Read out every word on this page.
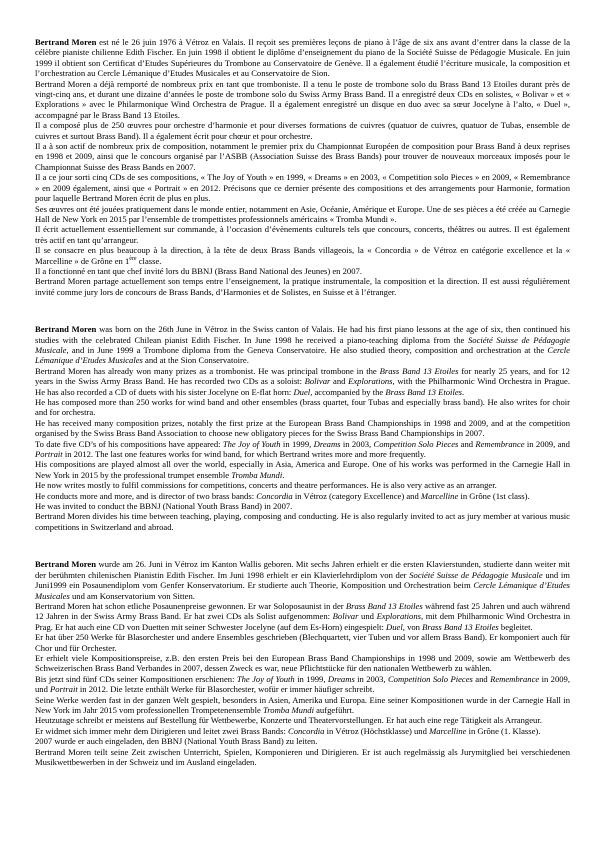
Bertrand Moren est né le 26 juin 1976 à Vétroz en Valais. Il reçoit ses premières leçons de piano à l’âge de six ans avant d’entrer dans la classe de la célèbre pianiste chilienne Edith Fischer. En juin 1998 il obtient le diplôme d’enseignement du piano de la Société Suisse de Pédagogie Musicale. En juin 1999 il obtient son Certificat d’Etudes Supérieures du Trombone au Conservatoire de Genève. Il a également étudié l’écriture musicale, la composition et l’orchestration au Cercle Lémanique d’Etudes Musicales et au Conservatoire de Sion.

Bertrand Moren a déjà remporté de nombreux prix en tant que tromboniste. Il a tenu le poste de trombone solo du Brass Band 13 Etoiles durant près de vingt-cinq ans, et durant une dizaine d’années le poste de trombone solo du Swiss Army Brass Band. Il a enregistré deux CDs en solistes, « Bolivar » et « Explorations » avec le Philarmonique Wind Orchestra de Prague. Il a également enregistré un disque en duo avec sa sœur Jocelyne à l’alto, « Duel », accompagné par le Brass Band 13 Etoiles.

Il a composé plus de 250 œuvres pour orchestre d’harmonie et pour diverses formations de cuivres (quatuor de cuivres, quatuor de Tubas, ensemble de cuivres et surtout Brass Band). Il a également écrit pour chœur et pour orchestre.

Il a à son actif de nombreux prix de composition, notamment le premier prix du Championnat Européen de composition pour Brass Band à deux reprises en 1998 et 2009, ainsi que le concours organisé par l’ASBB (Association Suisse des Brass Bands) pour trouver de nouveaux morceaux imposés pour le Championnat Suisse des Brass Bands en 2007.

Il a ce jour sorti cinq CDs de ses compositions, « The Joy of Youth » en 1999, « Dreams » en 2003, « Competition solo Pieces » en 2009, « Remembrance » en 2009 également, ainsi que « Portrait » en 2012. Précisons que ce dernier présente des compositions et des arrangements pour Harmonie, formation pour laquelle Bertrand Moren écrit de plus en plus.

Ses œuvres ont été jouées pratiquement dans le monde entier, notamment en Asie, Océanie, Amérique et Europe. Une de ses pièces a été créée au Carnegie Hall de New York en 2015 par l’ensemble de trompettistes professionnels américains « Tromba Mundi ».

Il écrit actuellement essentiellement sur commande, à l’occasion d’évènements culturels tels que concours, concerts, théâtres ou autres. Il est également très actif en tant qu’arrangeur.

Il se consacre en plus beaucoup à la direction, à la tête de deux Brass Bands villageois, la « Concordia » de Vétroz en catégorie excellence et la « Marcelline » de Grône en 1ère classe.

Il a fonctionné en tant que chef invité lors du BBNJ (Brass Band National des Jeunes) en 2007.

Bertrand Moren partage actuellement son temps entre l’enseignement, la pratique instrumentale, la composition et la direction. Il est aussi régulièrement invité comme jury lors de concours de Brass Bands, d’Harmonies et de Solistes, en Suisse et à l’étranger.

Bertrand Moren was born on the 26th June in Vétroz in the Swiss canton of Valais. He had his first piano lessons at the age of six, then continued his studies with the celebrated Chilean pianist Edith Fischer. In June 1998 he received a piano-teaching diploma from the Société Suisse de Pédagogie Musicale, and in June 1999 a Trombone diploma from the Geneva Conservatoire. He also studied theory, composition and orchestration at the Cercle Lémanique d’Etudes Musicales and at the Sion Conservatoire.

Bertrand Moren has already won many prizes as a trombonist. He was principal trombone in the Brass Band 13 Etoiles for nearly 25 years, and for 12 years in the Swiss Army Brass Band. He has recorded two CDs as a soloist: Bolivar and Explorations, with the Philharmonic Wind Orchestra in Prague. He has also recorded a CD of duets with his sister Jocelyne on E-flat horn: Duel, accompanied by the Brass Band 13 Etoiles.

He has composed more than 250 works for wind band and other ensembles (brass quartet, four Tubas and especially brass band). He also writes for choir and for orchestra.

He has received many composition prizes, notably the first prize at the European Brass Band Championships in 1998 and 2009, and at the competition organised by the Swiss Brass Band Association to choose new obligatory pieces for the Swiss Brass Band Championships in 2007.

To date five CD’s of his compositions have appeared: The Joy of Youth in 1999, Dreams in 2003, Competition Solo Pieces and Remembrance in 2009, and Portrait in 2012. The last one features works for wind band, for which Bertrand writes more and more frequently.

His compositions are played almost all over the world, especially in Asia, America and Europe. One of his works was performed in the Carnegie Hall in New York in 2015 by the professional trumpet ensemble Tromba Mundi.

He now writes mostly to fulfil commissions for competitions, concerts and theatre performances. He is also very active as an arranger.

He conducts more and more, and is director of two brass bands: Concordia in Vétroz (category Excellence) and Marcelline in Grône (1st class).

He was invited to conduct the BBNJ (National Youth Brass Band) in 2007.

Bertrand Moren divides his time between teaching, playing, composing and conducting. He is also regularly invited to act as jury member at various music competitions in Switzerland and abroad.

Bertrand Moren wurde am 26. Juni in Vétroz im Kanton Wallis geboren. Mit sechs Jahren erhielt er die ersten Klavierstunden, studierte dann weiter mit der berühmten chilenischen Pianistin Edith Fischer. Im Juni 1998 erhielt er ein Klavierlehrdiplom von der Société Suisse de Pédagogie Musicale und im Juni1999 ein Posaunendiplom vom Genfer Konservatorium. Er studierte auch Theorie, Komposition und Orchestration beim Cercle Lémanique d’Etudes Musicales und am Konservatorium von Sitten.

Bertrand Moren hat schon etliche Posaunenpreise gewonnen. Er war Soloposaunist in der Brass Band 13 Etoiles während fast 25 Jahren und auch während 12 Jahren in der Swiss Army Brass Band. Er hat zwei CDs als Solist aufgenommen: Bolivar und Explorations, mit dem Philharmonic Wind Orchestra in Prag. Er hat auch eine CD von Duetten mit seiner Schwester Jocelyne (auf dem Es-Horn) eingespielt: Duel, von Brass Band 13 Etoiles begleitet.

Er hat über 250 Werke für Blasorchester und andere Ensembles geschrieben (Blechquartett, vier Tuben und vor allem Brass Band). Er komponiert auch für Chor und für Orchester.

Er erhielt viele Kompositionspreise, z.B. den ersten Preis bei den European Brass Band Championships in 1998 und 2009, sowie am Wettbewerb des Schweizerischen Brass Band Verbandes in 2007, dessen Zweck es war, neue Pflichtstücke für den nationalen Wettbewerb zu wählen.

Bis jetzt sind fünf CDs seiner Kompositionen erschienen: The Joy of Youth in 1999, Dreams in 2003, Competition Solo Pieces and Remembrance in 2009, und Portrait in 2012. Die letzte enthält Werke für Blasorchester, wofür er immer häufiger schreibt.

Seine Werke werden fast in der ganzen Welt gespielt, besonders in Asien, Amerika und Europa. Eine seiner Kompositionen wurde in der Carnegie Hall in New York im Jahr 2015 vom professionellen Trompetenensemble Tromba Mundi aufgeführt.

Heutzutage schreibt er meistens auf Bestellung für Wettbewerbe, Konzerte und Theatervorstellungen. Er hat auch eine rege Tätigkeit als Arrangeur.

Er widmet sich immer mehr dem Dirigieren und leitet zwei Brass Bands: Concordia in Vétroz (Höchstklasse) und Marcelline in Grône (1. Klasse).

2007 wurde er auch eingeladen, den BBNJ (National Youth Brass Band) zu leiten.

Bertrand Moren teilt seine Zeit zwischen Unterricht, Spielen, Komponieren und Dirigieren. Er ist auch regelmässig als Jurymitglied bei verschiedenen Musikwettbewerben in der Schweiz und im Ausland eingeladen.
